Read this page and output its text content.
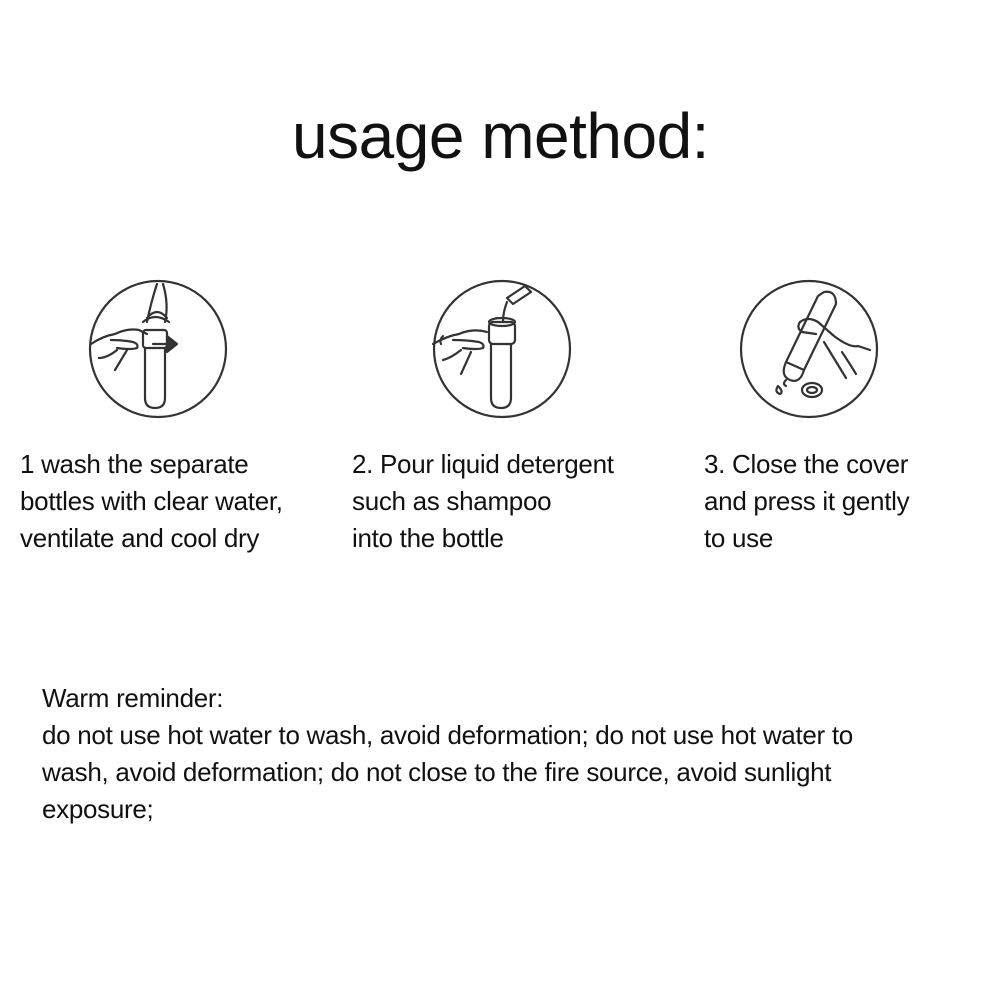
usage method:
1 wash the separate
bottles with clear water,
ventilate and cool dry
2. Pour liquid detergent
such as shampoo
into the bottle
3. Close the cover
and press it gently
to use
Warm reminder:
do not use hot water to wash, avoid deformation; do not use hot water to
wash, avoid deformation; do not close to the fire source, avoid sunlight
exposure;
